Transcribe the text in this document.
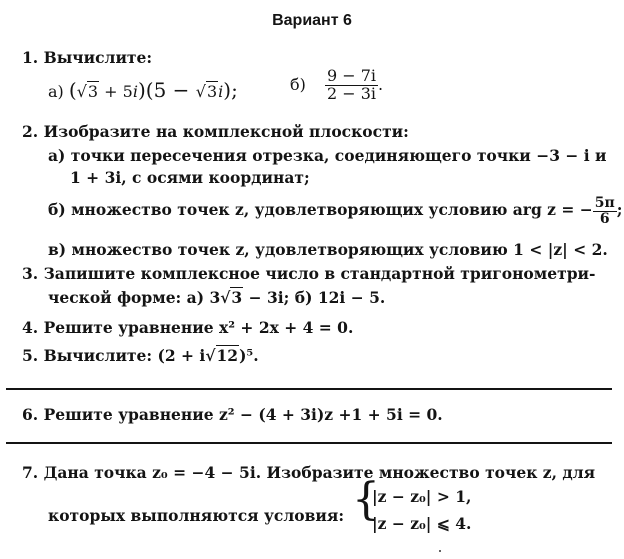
Вариант 6
1. Вычислите:
а) (√3 + 5i)(5 − √3i);	$б) \frac{9 - 7i}{2 - 3i}$ .
2. Изобразите на комплексной плоскости:
а) точки пересечения отрезка, соединяющего точки −3 − i и
1 + 3i, с осями координат;
б) множество точек z, удовлетворяющих условию arg z = − $\frac{5\pi}{6}$ ;
в) множество точек z, удовлетворяющих условию 1 < |z| < 2.
3. Запишите комплексное число в стандартной тригонометри-
ческой форме: а) 3√3 − 3i; б) 12i − 5.
4. Решите уравнение x² + 2x + 4 = 0.
5. Вычислите: (2 + i√12)⁵.
6. Решите уравнение z² − (4 + 3i)z +1 + 5i = 0.
7. Дана точка z₀ = −4 − 5i. Изобразите множество точек z, для
которых выполняются условия: {
|z − z₀| > 1,
|z − z₀| ⩽ 4.
